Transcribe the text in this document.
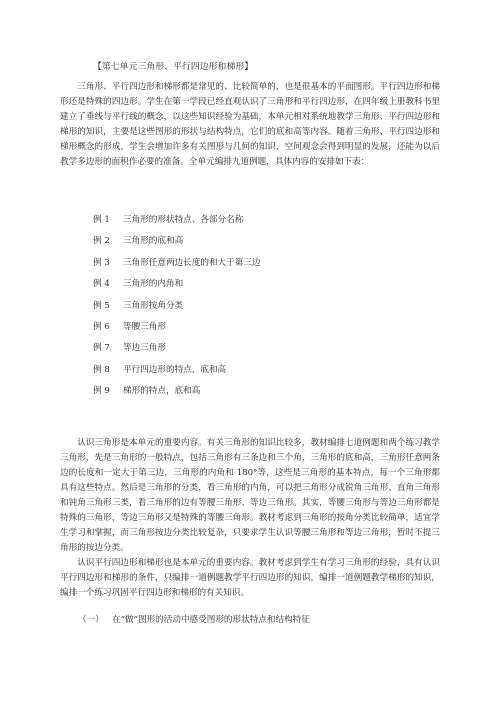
【第七单元三角形、平行四边形和梯形】

三角形、平行四边形和梯形都是常见的、比较简单的，也是很基本的平面图形。平行四边形和梯形还是特殊的四边形。学生在第一学段已经直观认识了三角形和平行四边形，在四年级上册教科书里建立了垂线与平行线的概念，以这些知识经验为基础，本单元相对系统地教学三角形、平行四边形和梯形的知识，主要是这些图形的形状与结构特点，它们的底和高等内容。随着三角形、平行四边形和梯形概念的形成，学生会增加许多有关图形与几何的知识，空间观念会得到明显的发展，还能为以后教学多边形的面积作必要的准备。全单元编排九道例题，具体内容的安排如下表：

例 1 三角形的形状特点、各部分名称
例 2 三角形的底和高
例 3 三角形任意两边长度的和大于第三边
例 4 三角形的内角和
例 5 三角形按角分类
例 6 等腰三角形
例 7 等边三角形
例 8 平行四边形的特点，底和高
例 9 梯形的特点，底和高

认识三角形是本单元的重要内容。有关三角形的知识比较多，教材编排七道例题和两个练习教学三角形，先是三角形的一般特点，包括三角形有三条边和三个角，三角形的底和高，三角形任意两条边的长度和一定大于第三边，三角形的内角和 180°等，这些是三角形的基本特点，每一个三角形都具有这些特点。然后是三角形的分类，看三角形的内角，可以把三角形分成锐角三角形、直角三角形和钝角三角形三类，看三角形的边有等腰三角形、等边三角形。其实，等腰三角形与等边三角形都是特殊的三角形，等边三角形又是特殊的等腰三角形。教材考虑到三角形的按角分类比较简单，适宜学生学习和掌握，而三角形按边分类比较复杂，只要求学生认识等腰三角形和等边三角形，暂时不提三角形的按边分类。

认识平行四边形和梯形也是本单元的重要内容。教材考虑到学生有学习三角形的经验，具有认识平行四边形和梯形的条件，只编排一道例题教学平行四边形的知识，编排一道例题教学梯形的知识，编排一个练习巩固平行四边形和梯形的有关知识。

（一） 在“做”图形的活动中感受图形的形状特点和结构特征
